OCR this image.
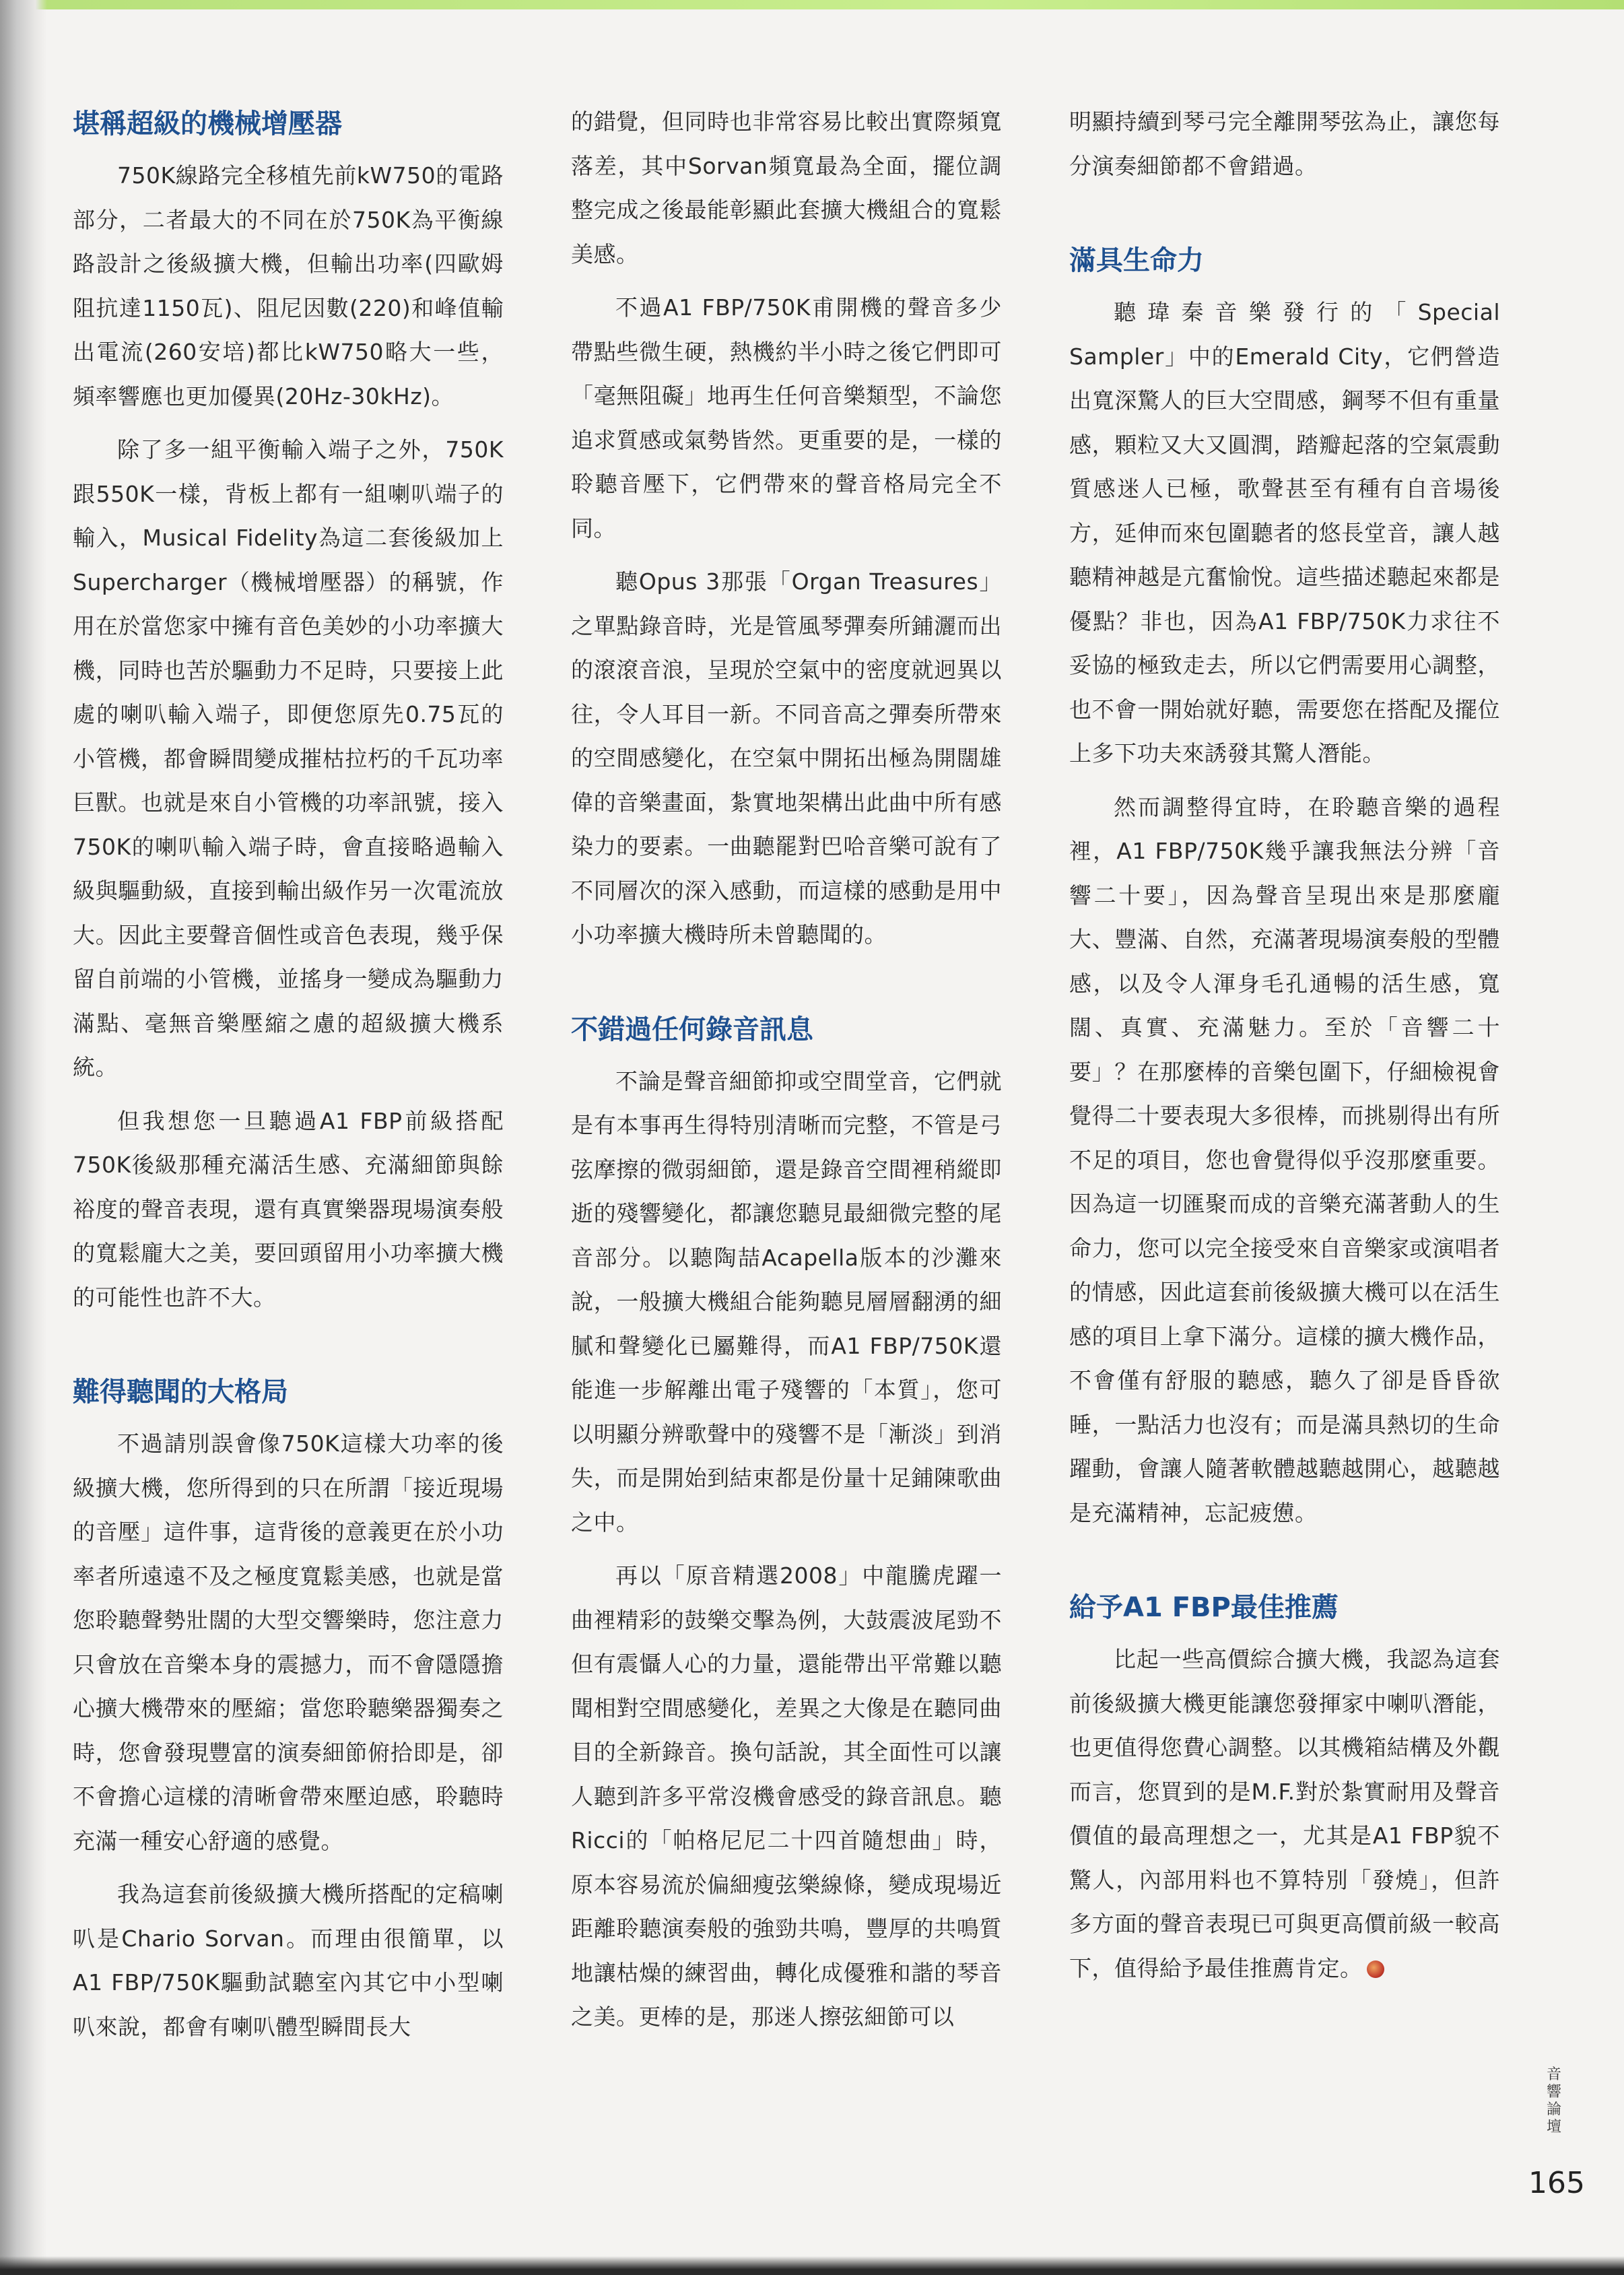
堪稱超級的機械增壓器

750K線路完全移植先前kW750的電路部分，二者最大的不同在於750K為平衡線路設計之後級擴大機，但輸出功率(四歐姆阻抗達1150瓦)、阻尼因數(220)和峰值輸出電流(260安培)都比kW750略大一些，頻率響應也更加優異(20Hz-30kHz)。

除了多一組平衡輸入端子之外，750K跟550K一樣，背板上都有一組喇叭端子的輸入，Musical Fidelity為這二套後級加上Supercharger（機械增壓器）的稱號，作用在於當您家中擁有音色美妙的小功率擴大機，同時也苦於驅動力不足時，只要接上此處的喇叭輸入端子，即便您原先0.75瓦的小管機，都會瞬間變成摧枯拉朽的千瓦功率巨獸。也就是來自小管機的功率訊號，接入750K的喇叭輸入端子時，會直接略過輸入級與驅動級，直接到輸出級作另一次電流放大。因此主要聲音個性或音色表現，幾乎保留自前端的小管機，並搖身一變成為驅動力滿點、毫無音樂壓縮之慮的超級擴大機系統。

但我想您一旦聽過A1 FBP前級搭配750K後級那種充滿活生感、充滿細節與餘裕度的聲音表現，還有真實樂器現場演奏般的寬鬆龐大之美，要回頭留用小功率擴大機的可能性也許不大。

難得聽聞的大格局

不過請別誤會像750K這樣大功率的後級擴大機，您所得到的只在所謂「接近現場的音壓」這件事，這背後的意義更在於小功率者所遠遠不及之極度寬鬆美感，也就是當您聆聽聲勢壯闊的大型交響樂時，您注意力只會放在音樂本身的震撼力，而不會隱隱擔心擴大機帶來的壓縮；當您聆聽樂器獨奏之時，您會發現豐富的演奏細節俯拾即是，卻不會擔心這樣的清晰會帶來壓迫感，聆聽時充滿一種安心舒適的感覺。

我為這套前後級擴大機所搭配的定稿喇叭是Chario Sorvan。而理由很簡單，以A1 FBP/750K驅動試聽室內其它中小型喇叭來說，都會有喇叭體型瞬間長大

的錯覺，但同時也非常容易比較出實際頻寬落差，其中Sorvan頻寬最為全面，擺位調整完成之後最能彰顯此套擴大機組合的寬鬆美感。

不過A1 FBP/750K甫開機的聲音多少帶點些微生硬，熱機約半小時之後它們即可「毫無阻礙」地再生任何音樂類型，不論您追求質感或氣勢皆然。更重要的是，一樣的聆聽音壓下，它們帶來的聲音格局完全不同。

聽Opus 3那張「Organ Treasures」之單點錄音時，光是管風琴彈奏所鋪灑而出的滾滾音浪，呈現於空氣中的密度就迥異以往，令人耳目一新。不同音高之彈奏所帶來的空間感變化，在空氣中開拓出極為開闊雄偉的音樂畫面，紮實地架構出此曲中所有感染力的要素。一曲聽罷對巴哈音樂可說有了不同層次的深入感動，而這樣的感動是用中小功率擴大機時所未曾聽聞的。

不錯過任何錄音訊息

不論是聲音細節抑或空間堂音，它們就是有本事再生得特別清晰而完整，不管是弓弦摩擦的微弱細節，還是錄音空間裡稍縱即逝的殘響變化，都讓您聽見最細微完整的尾音部分。以聽陶喆Acapella版本的沙灘來說，一般擴大機組合能夠聽見層層翻湧的細膩和聲變化已屬難得，而A1 FBP/750K還能進一步解離出電子殘響的「本質」，您可以明顯分辨歌聲中的殘響不是「漸淡」到消失，而是開始到結束都是份量十足鋪陳歌曲之中。

再以「原音精選2008」中龍騰虎躍一曲裡精彩的鼓樂交擊為例，大鼓震波尾勁不但有震懾人心的力量，還能帶出平常難以聽聞相對空間感變化，差異之大像是在聽同曲目的全新錄音。換句話說，其全面性可以讓人聽到許多平常沒機會感受的錄音訊息。聽Ricci的「帕格尼尼二十四首隨想曲」時，原本容易流於偏細瘦弦樂線條，變成現場近距離聆聽演奏般的強勁共鳴，豐厚的共鳴質地讓枯燥的練習曲，轉化成優雅和諧的琴音之美。更棒的是，那迷人擦弦細節可以

明顯持續到琴弓完全離開琴弦為止，讓您每分演奏細節都不會錯過。

滿具生命力

聽瑋秦音樂發行的「Special Sampler」中的Emerald City，它們營造出寬深驚人的巨大空間感，鋼琴不但有重量感，顆粒又大又圓潤，踏瓣起落的空氣震動質感迷人已極，歌聲甚至有種有自音場後方，延伸而來包圍聽者的悠長堂音，讓人越聽精神越是亢奮愉悅。這些描述聽起來都是優點？非也，因為A1 FBP/750K力求往不妥協的極致走去，所以它們需要用心調整，也不會一開始就好聽，需要您在搭配及擺位上多下功夫來誘發其驚人潛能。

然而調整得宜時，在聆聽音樂的過程裡，A1 FBP/750K幾乎讓我無法分辨「音響二十要」，因為聲音呈現出來是那麼龐大、豐滿、自然，充滿著現場演奏般的型體感，以及令人渾身毛孔通暢的活生感，寬闊、真實、充滿魅力。至於「音響二十要」？在那麼棒的音樂包圍下，仔細檢視會覺得二十要表現大多很棒，而挑剔得出有所不足的項目，您也會覺得似乎沒那麼重要。因為這一切匯聚而成的音樂充滿著動人的生命力，您可以完全接受來自音樂家或演唱者的情感，因此這套前後級擴大機可以在活生感的項目上拿下滿分。這樣的擴大機作品，不會僅有舒服的聽感，聽久了卻是昏昏欲睡，一點活力也沒有；而是滿具熱切的生命躍動，會讓人隨著軟體越聽越開心，越聽越是充滿精神，忘記疲憊。

給予A1 FBP最佳推薦

比起一些高價綜合擴大機，我認為這套前後級擴大機更能讓您發揮家中喇叭潛能，也更值得您費心調整。以其機箱結構及外觀而言，您買到的是M.F.對於紮實耐用及聲音價值的最高理想之一，尤其是A1 FBP貌不驚人，內部用料也不算特別「發燒」，但許多方面的聲音表現已可與更高價前級一較高下，值得給予最佳推薦肯定。

音
響
論
壇
165
